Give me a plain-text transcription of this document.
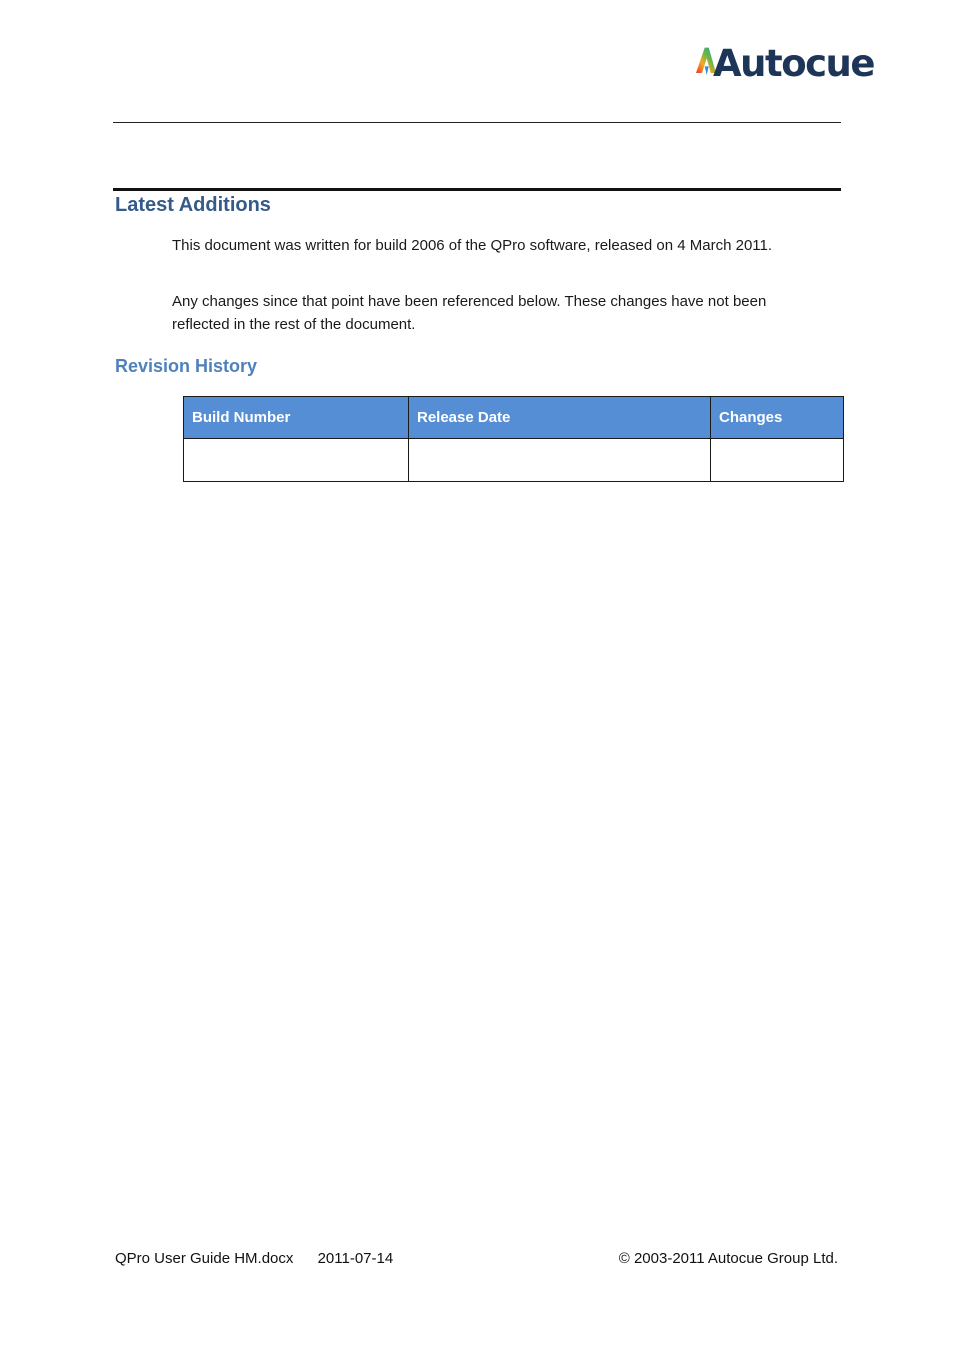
Autocue
Latest Additions

This document was written for build 2006 of the QPro software, released on 4 March 2011.

Any changes since that point have been referenced below. These changes have not been reflected in the rest of the document.

Revision History
Build Number	Release Date	Changes

QPro User Guide HM.docx 2011-07-14	© 2003-2011 Autocue Group Ltd.
